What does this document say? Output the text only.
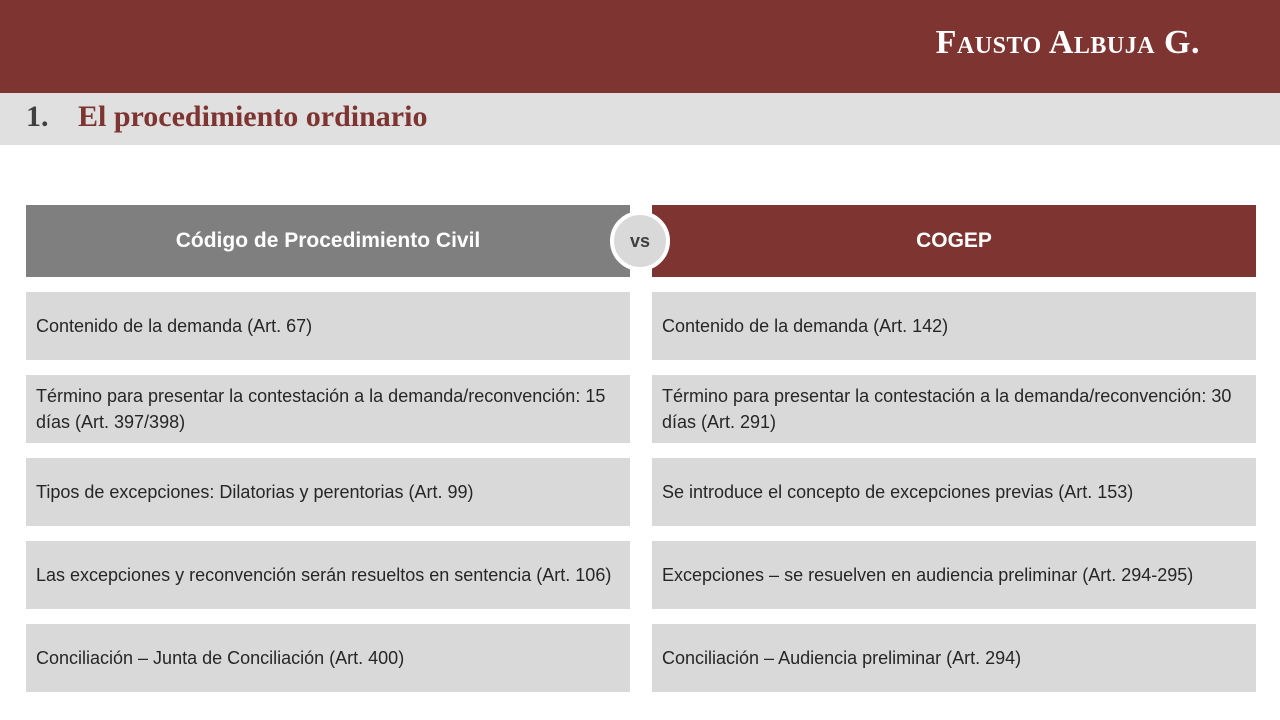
Fausto Albuja G.
1. El procedimiento ordinario
Código de Procedimiento Civil	COGEP
vs
Contenido de la demanda (Art. 67)
Término para presentar la contestación a la demanda/reconvención: 15 días (Art. 397/398)
Tipos de excepciones: Dilatorias y perentorias (Art. 99)
Las excepciones y reconvención serán resueltos en sentencia (Art. 106)
Conciliación – Junta de Conciliación (Art. 400)
Contenido de la demanda (Art. 142)
Término para presentar la contestación a la demanda/reconvención: 30 días (Art. 291)
Se introduce el concepto de excepciones previas (Art. 153)
Excepciones – se resuelven en audiencia preliminar (Art. 294-295)
Conciliación – Audiencia preliminar (Art. 294)
